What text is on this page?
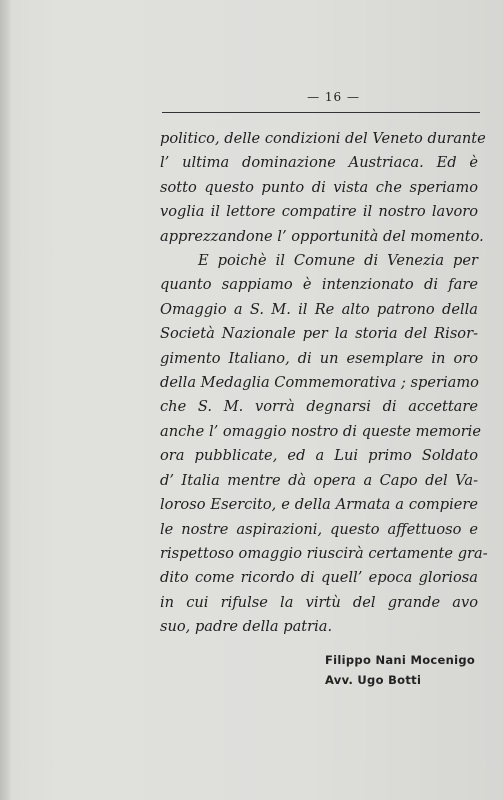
— 16 —
politico, delle condizioni del Veneto durante
l’ ultima dominazione Austriaca. Ed è
sotto questo punto di vista che speriamo
voglia il lettore compatire il nostro lavoro
apprezzandone l’ opportunità del momento.
E poichè il Comune di Venezia per
quanto sappiamo è intenzionato di fare
Omaggio a S. M. il Re alto patrono della
Società Nazionale per la storia del Risor-
gimento Italiano, di un esemplare in oro
della Medaglia Commemorativa ; speriamo
che S. M. vorrà degnarsi di accettare
anche l’ omaggio nostro di queste memorie
ora pubblicate, ed a Lui primo Soldato
d’ Italia mentre dà opera a Capo del Va-
loroso Esercito, e della Armata a compiere
le nostre aspirazioni, questo affettuoso e
rispettoso omaggio riuscirà certamente gra-
dito come ricordo di quell’ epoca gloriosa
in cui rifulse la virtù del grande avo
suo, padre della patria.
Filippo Nani Mocenigo
Avv. Ugo Botti
